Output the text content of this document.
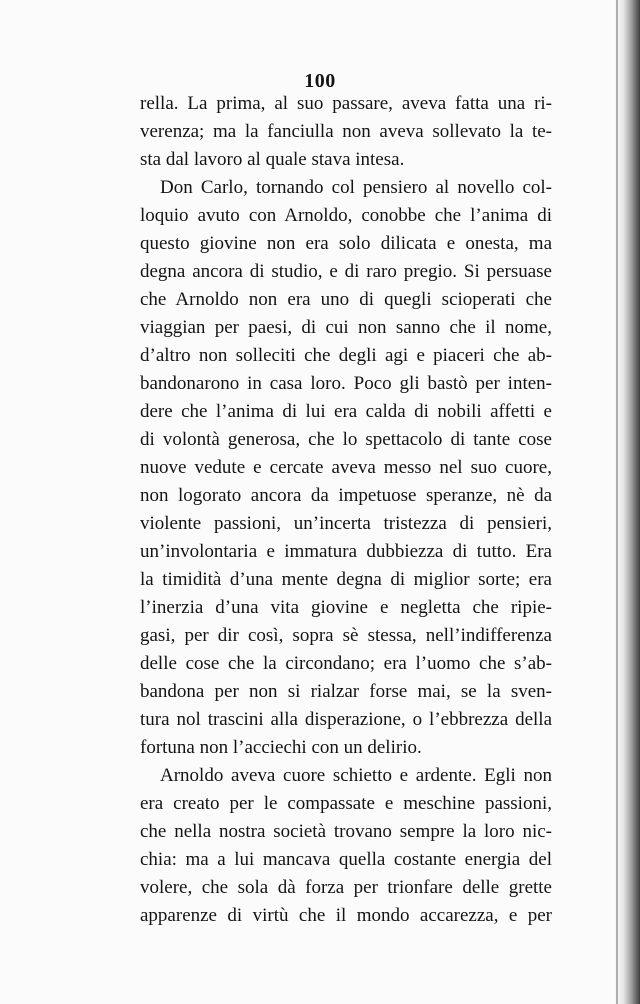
100
rella. La prima, al suo passare, aveva fatta una ri-
verenza; ma la fanciulla non aveva sollevato la te-
sta dal lavoro al quale stava intesa.
Don Carlo, tornando col pensiero al novello col-
loquio avuto con Arnoldo, conobbe che l’anima di
questo giovine non era solo dilicata e onesta, ma
degna ancora di studio, e di raro pregio. Si persuase
che Arnoldo non era uno di quegli scioperati che
viaggian per paesi, di cui non sanno che il nome,
d’altro non solleciti che degli agi e piaceri che ab-
bandonarono in casa loro. Poco gli bastò per inten-
dere che l’anima di lui era calda di nobili affetti e
di volontà generosa, che lo spettacolo di tante cose
nuove vedute e cercate aveva messo nel suo cuore,
non logorato ancora da impetuose speranze, nè da
violente passioni, un’incerta tristezza di pensieri,
un’involontaria e immatura dubbiezza di tutto. Era
la timidità d’una mente degna di miglior sorte; era
l’inerzia d’una vita giovine e negletta che ripie-
gasi, per dir così, sopra sè stessa, nell’indifferenza
delle cose che la circondano; era l’uomo che s’ab-
bandona per non si rialzar forse mai, se la sven-
tura nol trascini alla disperazione, o l’ebbrezza della
fortuna non l’acciechi con un delirio.
Arnoldo aveva cuore schietto e ardente. Egli non
era creato per le compassate e meschine passioni,
che nella nostra società trovano sempre la loro nic-
chia: ma a lui mancava quella costante energia del
volere, che sola dà forza per trionfare delle grette
apparenze di virtù che il mondo accarezza, e per
